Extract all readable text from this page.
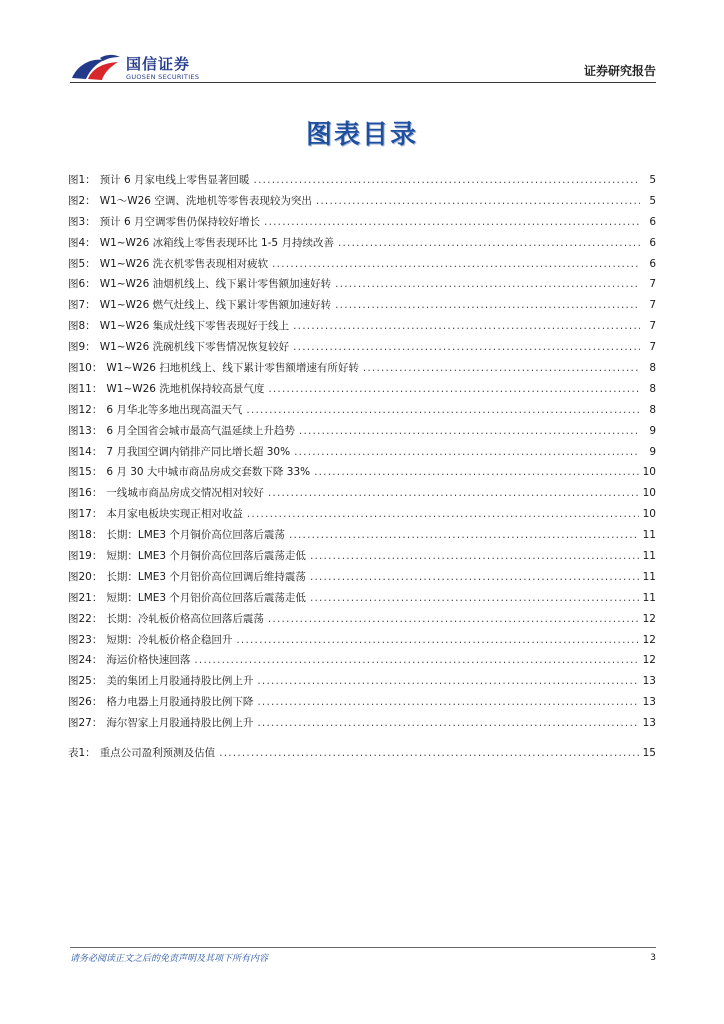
国信证券
GUOSEN SECURITIES	证券研究报告
图表目录
图1： 预计 6 月家电线上零售显著回暖 .....	5
图2： W1～W26 空调、洗地机等零售表现较为突出 .....	5
图3： 预计 6 月空调零售仍保持较好增长 .....	6
图4： W1~W26 冰箱线上零售表现环比 1-5 月持续改善 .....	6
图5： W1~W26 洗衣机零售表现相对疲软 .....	6
图6： W1~W26 油烟机线上、线下累计零售额加速好转 .....	7
图7： W1~W26 燃气灶线上、线下累计零售额加速好转 .....	7
图8： W1~W26 集成灶线下零售表现好于线上 .....	7
图9： W1~W26 洗碗机线下零售情况恢复较好 .....	7
图10： W1~W26 扫地机线上、线下累计零售额增速有所好转 .....	8
图11： W1~W26 洗地机保持较高景气度 .....	8
图12： 6 月华北等多地出现高温天气 .....	8
图13： 6 月全国省会城市最高气温延续上升趋势 .....	9
图14： 7 月我国空调内销排产同比增长超 30% .....	9
图15： 6 月 30 大中城市商品房成交套数下降 33% .....	10
图16： 一线城市商品房成交情况相对较好 .....	10
图17： 本月家电板块实现正相对收益 .....	10
图18： 长期：LME3 个月铜价高位回落后震荡 .....	11
图19： 短期：LME3 个月铜价高位回落后震荡走低 .....	11
图20： 长期：LME3 个月铝价高位回调后维持震荡 .....	11
图21： 短期：LME3 个月铝价高位回落后震荡走低 .....	11
图22： 长期：冷轧板价格高位回落后震荡 .....	12
图23： 短期：冷轧板价格企稳回升 .....	12
图24： 海运价格快速回落 .....	12
图25： 美的集团上月股通持股比例上升 .....	13
图26： 格力电器上月股通持股比例下降 .....	13
图27： 海尔智家上月股通持股比例上升 .....	13
表1： 重点公司盈利预测及估值 .....	15
请务必阅读正文之后的免责声明及其项下所有内容	3
